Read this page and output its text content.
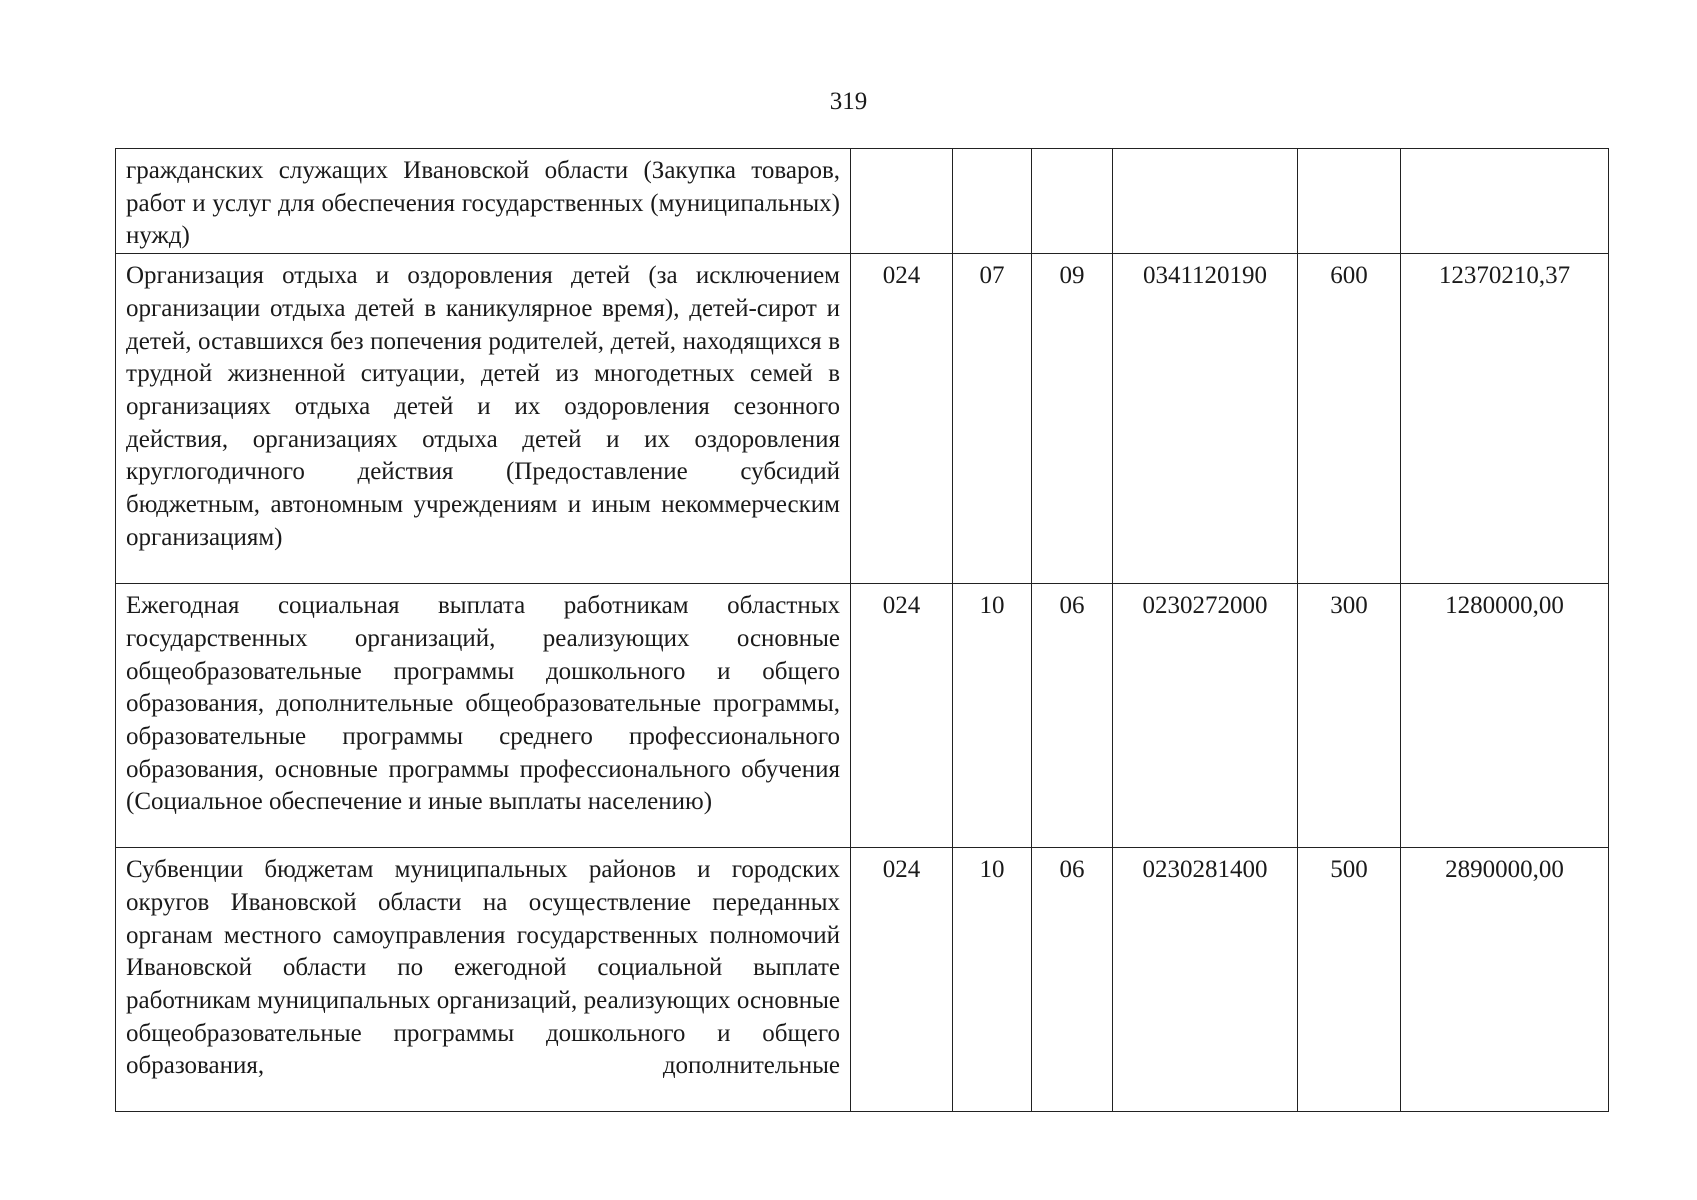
319
гражданских служащих Ивановской области (Закупка товаров, работ и услуг для обеспечения государственных (муниципальных) нужд)						
Организация отдыха и оздоровления детей (за исключением организации отдыха детей в каникулярное время), детей-сирот и детей, оставшихся без попечения родителей, детей, находящихся в трудной жизненной ситуации, детей из многодетных семей в организациях отдыха детей и их оздоровления сезонного действия, организациях отдыха детей и их оздоровления круглогодичного действия (Предоставление субсидий бюджетным, автономным учреждениям и иным некоммерческим организациям)	024	07	09	0341120190	600	12370210,37
Ежегодная социальная выплата работникам областных государственных организаций, реализующих основные общеобразовательные программы дошкольного и общего образования, дополнительные общеобразовательные программы, образовательные программы среднего профессионального образования, основные программы профессионального обучения (Социальное обеспечение и иные выплаты населению)	024	10	06	0230272000	300	1280000,00
Субвенции бюджетам муниципальных районов и городских округов Ивановской области на осуществление переданных органам местного самоуправления государственных полномочий Ивановской области по ежегодной социальной выплате работникам муниципальных организаций, реализующих основные общеобразовательные программы дошкольного и общего образования, дополнительные	024	10	06	0230281400	500	2890000,00
